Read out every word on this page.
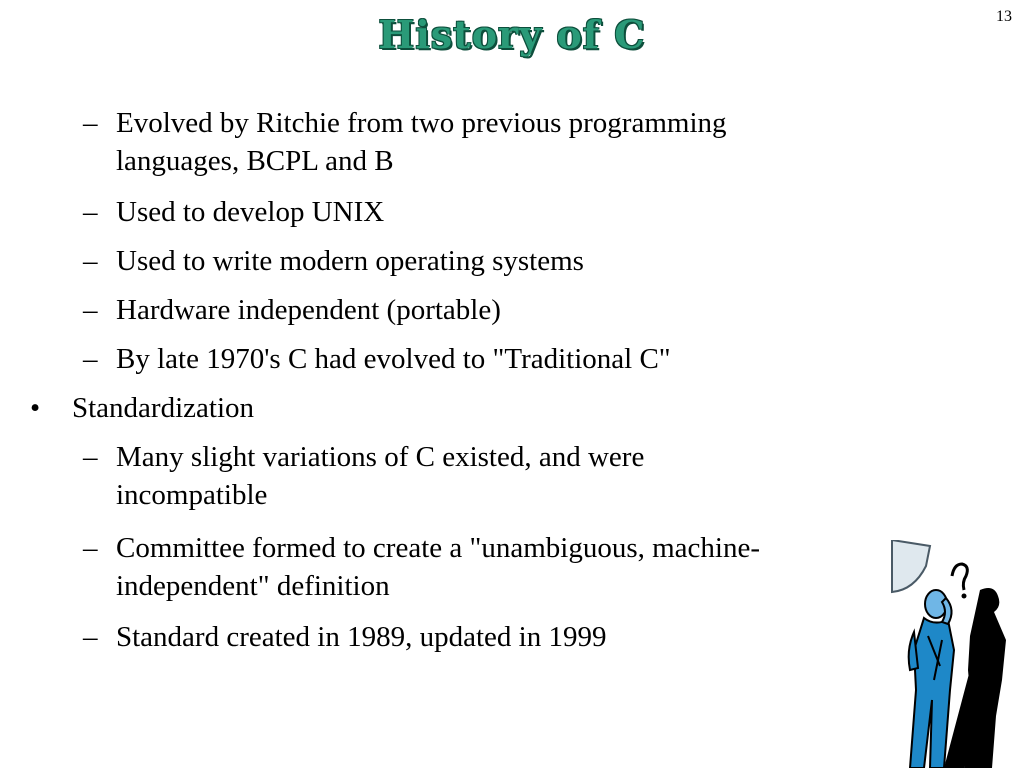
13
History of C
– Evolved by Ritchie from two previous programming languages, BCPL and B
– Used to develop UNIX
– Used to write modern operating systems
– Hardware independent (portable)
– By late 1970's C had evolved to "Traditional C"
• Standardization
– Many slight variations of C existed, and were incompatible
– Committee formed to create a "unambiguous, machine-independent" definition
– Standard created in 1989, updated in 1999
